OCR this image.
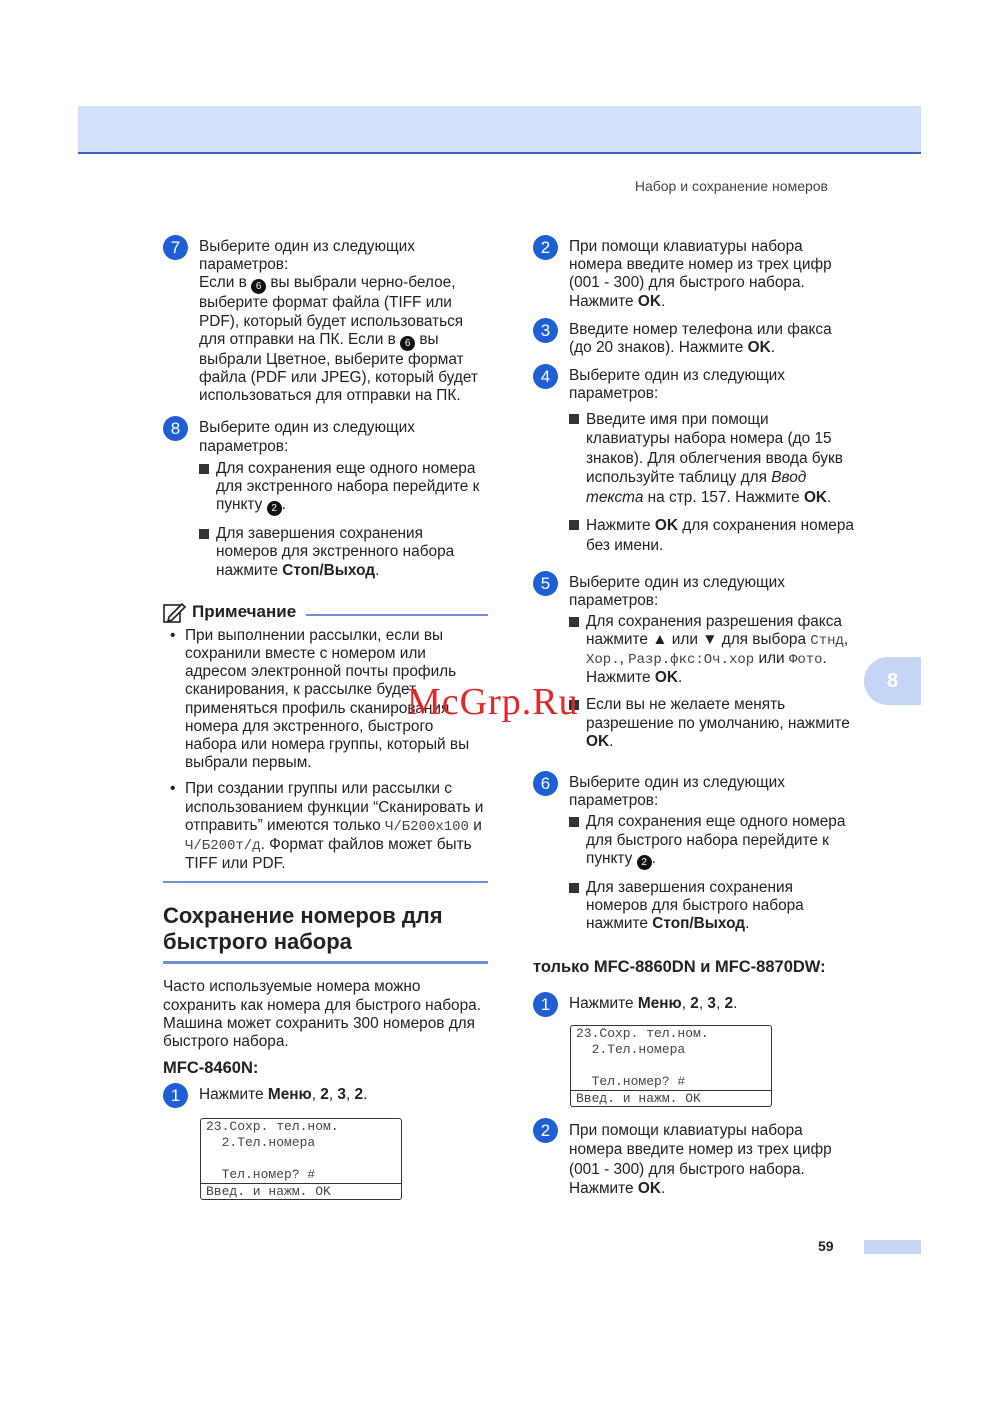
Набор и сохранение номеров
7	Выберите один из следующих
параметров:
Если в 6 вы выбрали черно-белое, выберите формат файла (TIFF или PDF), который будет использоваться для отправки на ПК. Если в 6 вы выбрали Цветное, выберите формат файла (PDF или JPEG), который будет использоваться для отправки на ПК.
8	Выберите один из следующих параметров:
Для сохранения еще одного номера для экстренного набора перейдите к пункту 2 .
Для завершения сохранения номеров для экстренного набора нажмите Стоп/Выход.
Примечание
• При выполнении рассылки, если вы сохранили вместе с номером или адресом электронной почты профиль сканирования, к рассылке будет применяться профиль сканирования номера для экстренного, быстрого набора или номера группы, который вы выбрали первым.
• При создании группы или рассылки с использованием функции “Сканировать и отправить” имеются только Ч/Б200x100 и Ч/Б200т/д. Формат файлов может быть TIFF или PDF.
Сохранение номеров для быстрого набора
Часто используемые номера можно сохранить как номера для быстрого набора. Машина может сохранить 300 номеров для быстрого набора.
MFC-8460N:
1	Нажмите Меню, 2, 3, 2.
23.Сохр. тел.ном.
2.Тел.номера
Тел.номер? #
Введ. и нажм. OK
2	При помощи клавиатуры набора номера введите номер из трех цифр (001 - 300) для быстрого набора. Нажмите OK.
3	Введите номер телефона или факса (до 20 знаков). Нажмите OK.
4	Выберите один из следующих параметров:
Введите имя при помощи клавиатуры набора номера (до 15 знаков). Для облегчения ввода букв используйте таблицу для Ввод текста на стр. 157. Нажмите OK.
Нажмите OK для сохранения номера без имени.
5	Выберите один из следующих параметров:
Для сохранения разрешения факса нажмите ▲ или ▼ для выбора Стнд, Хор., Разр.фкс:Оч.хор или Фото. Нажмите OK.
Если вы не желаете менять разрешение по умолчанию, нажмите OK.
6	Выберите один из следующих параметров:
Для сохранения еще одного номера для быстрого набора перейдите к пункту 2 .
Для завершения сохранения номеров для быстрого набора нажмите Стоп/Выход.
только MFC-8860DN и MFC-8870DW:
1	Нажмите Меню, 2, 3, 2.
23.Сохр. тел.ном.
2.Тел.номера
Тел.номер? #
Введ. и нажм. OK
2	При помощи клавиатуры набора номера введите номер из трех цифр (001 - 300) для быстрого набора. Нажмите OK.
8
McGrp.Ru
59
